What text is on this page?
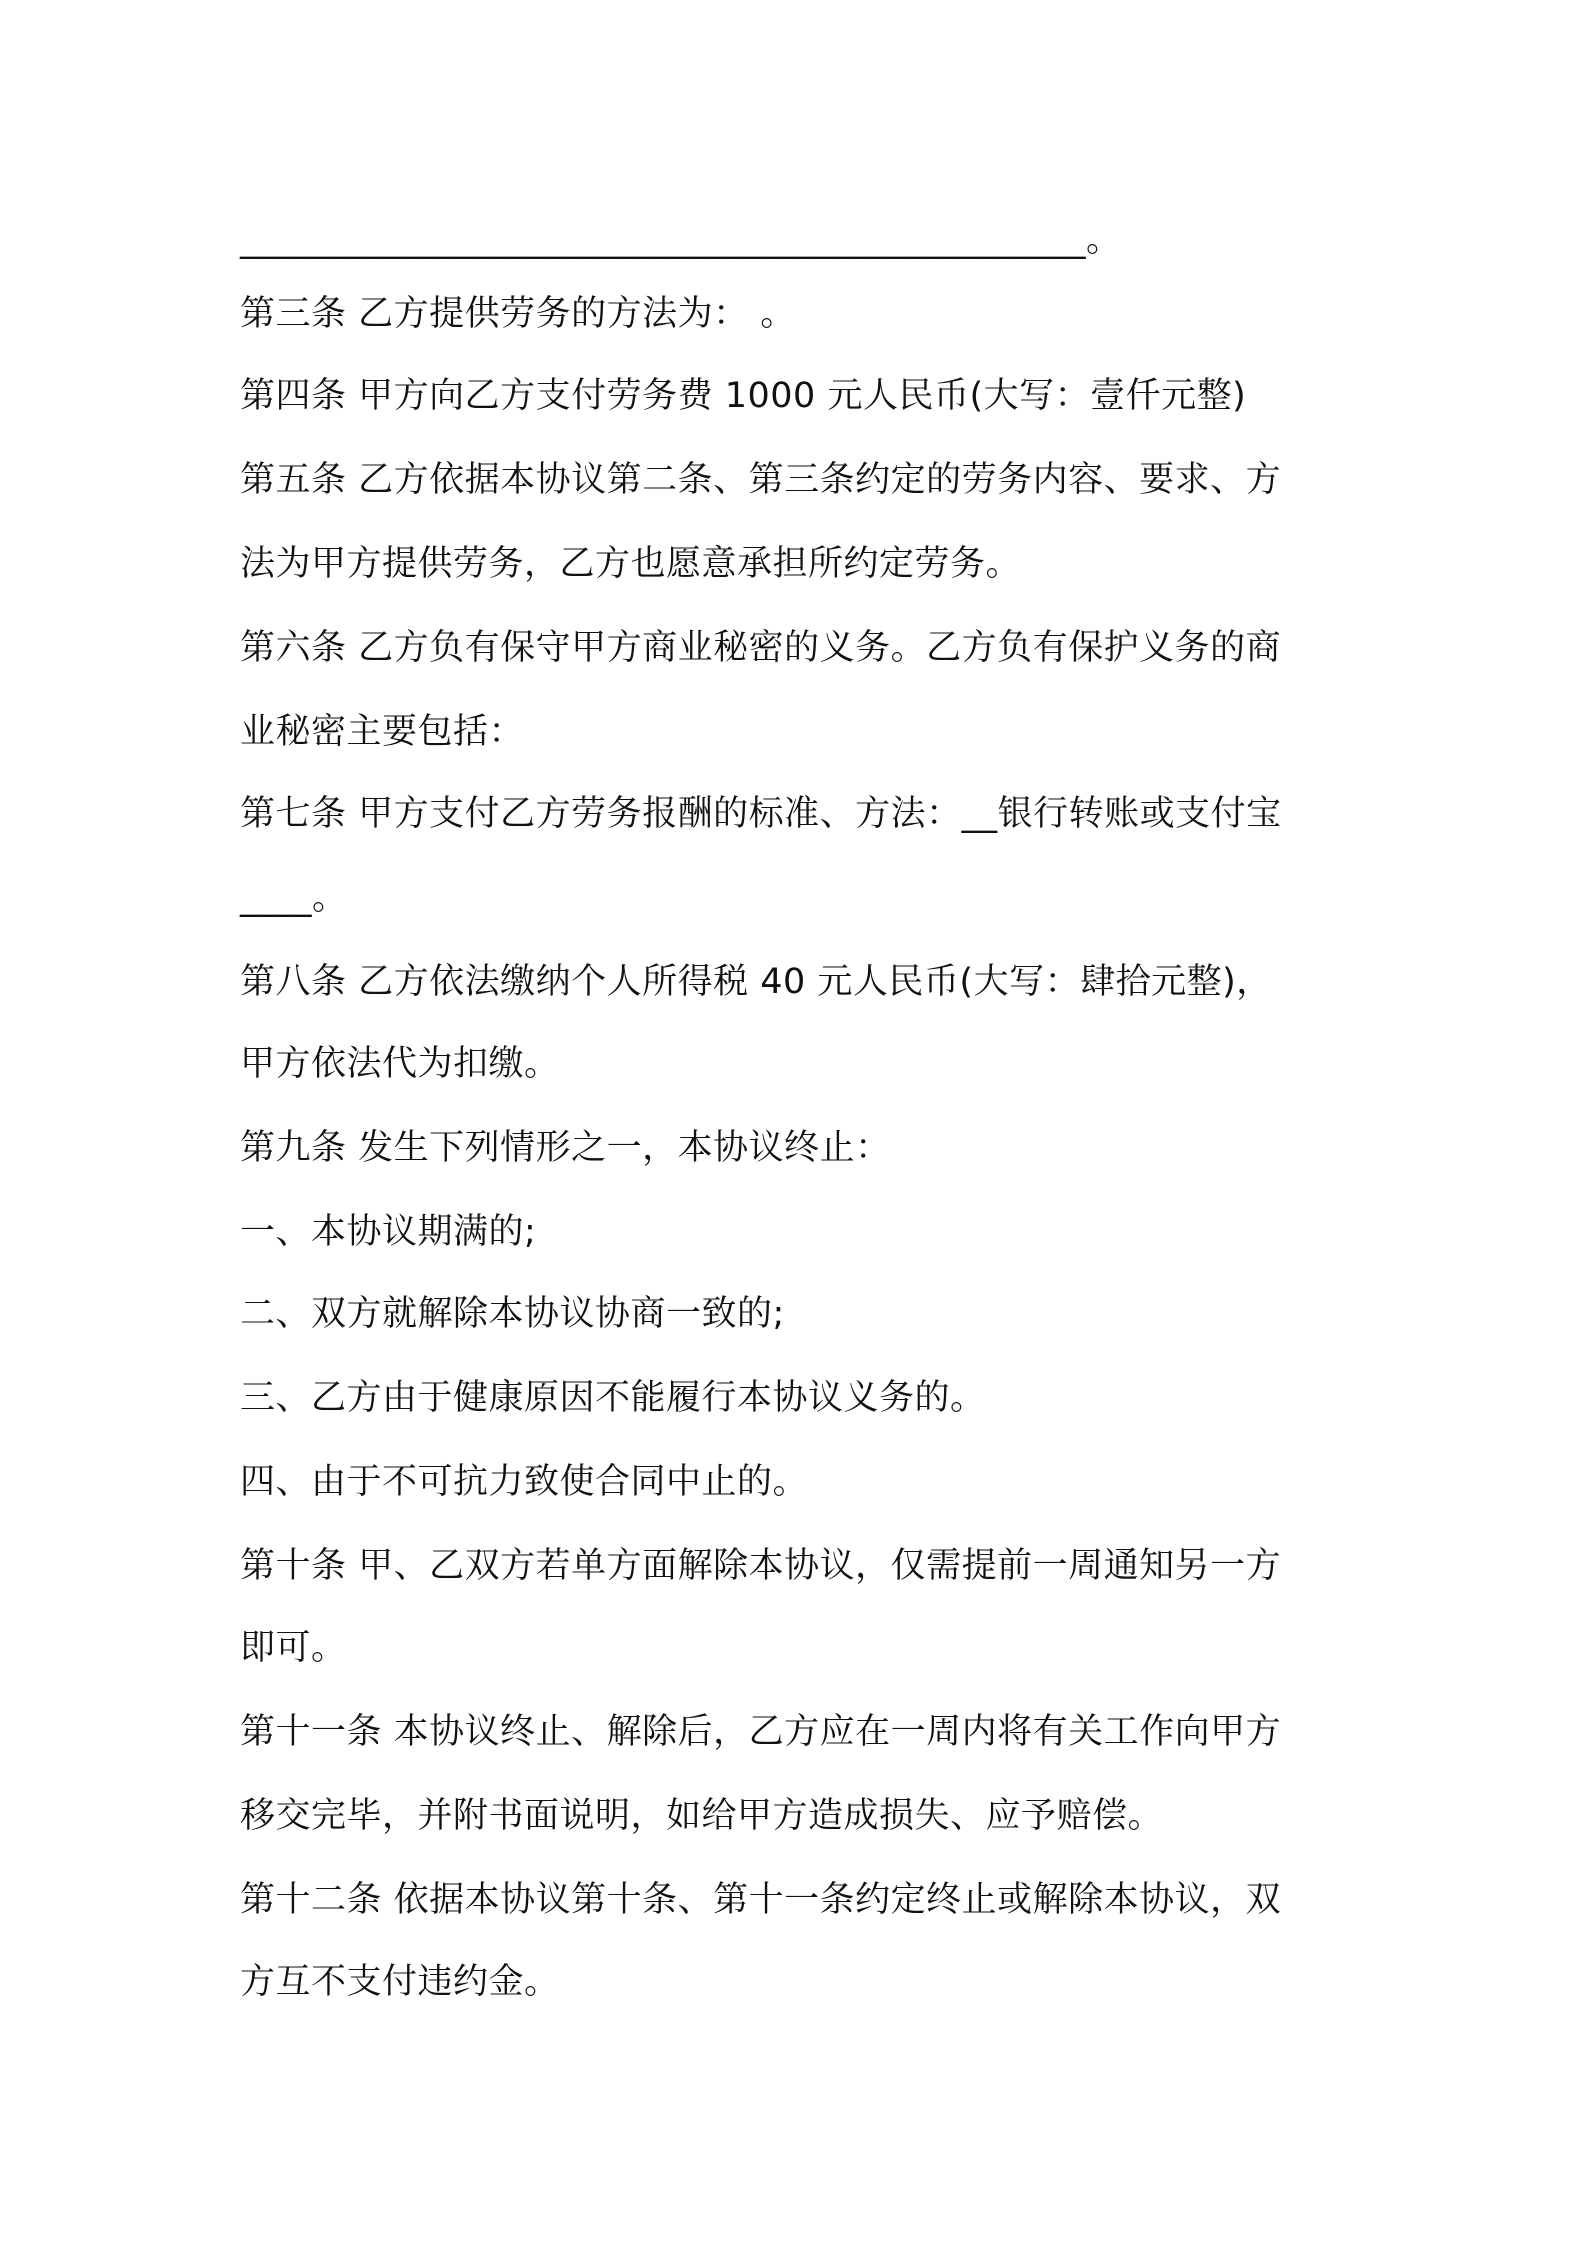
_______________________________________________。
第三条 乙方提供劳务的方法为： 。
第四条 甲方向乙方支付劳务费 1000 元人民币(大写：壹仟元整)
第五条 乙方依据本协议第二条、第三条约定的劳务内容、要求、方
法为甲方提供劳务，乙方也愿意承担所约定劳务。
第六条 乙方负有保守甲方商业秘密的义务。乙方负有保护义务的商
业秘密主要包括：
第七条 甲方支付乙方劳务报酬的标准、方法：__银行转账或支付宝
____。
第八条 乙方依法缴纳个人所得税 40 元人民币(大写：肆拾元整)，
甲方依法代为扣缴。
第九条 发生下列情形之一，本协议终止：
一、本协议期满的;
二、双方就解除本协议协商一致的;
三、乙方由于健康原因不能履行本协议义务的。
四、由于不可抗力致使合同中止的。
第十条 甲、乙双方若单方面解除本协议，仅需提前一周通知另一方
即可。
第十一条 本协议终止、解除后，乙方应在一周内将有关工作向甲方
移交完毕，并附书面说明，如给甲方造成损失、应予赔偿。
第十二条 依据本协议第十条、第十一条约定终止或解除本协议，双
方互不支付违约金。
